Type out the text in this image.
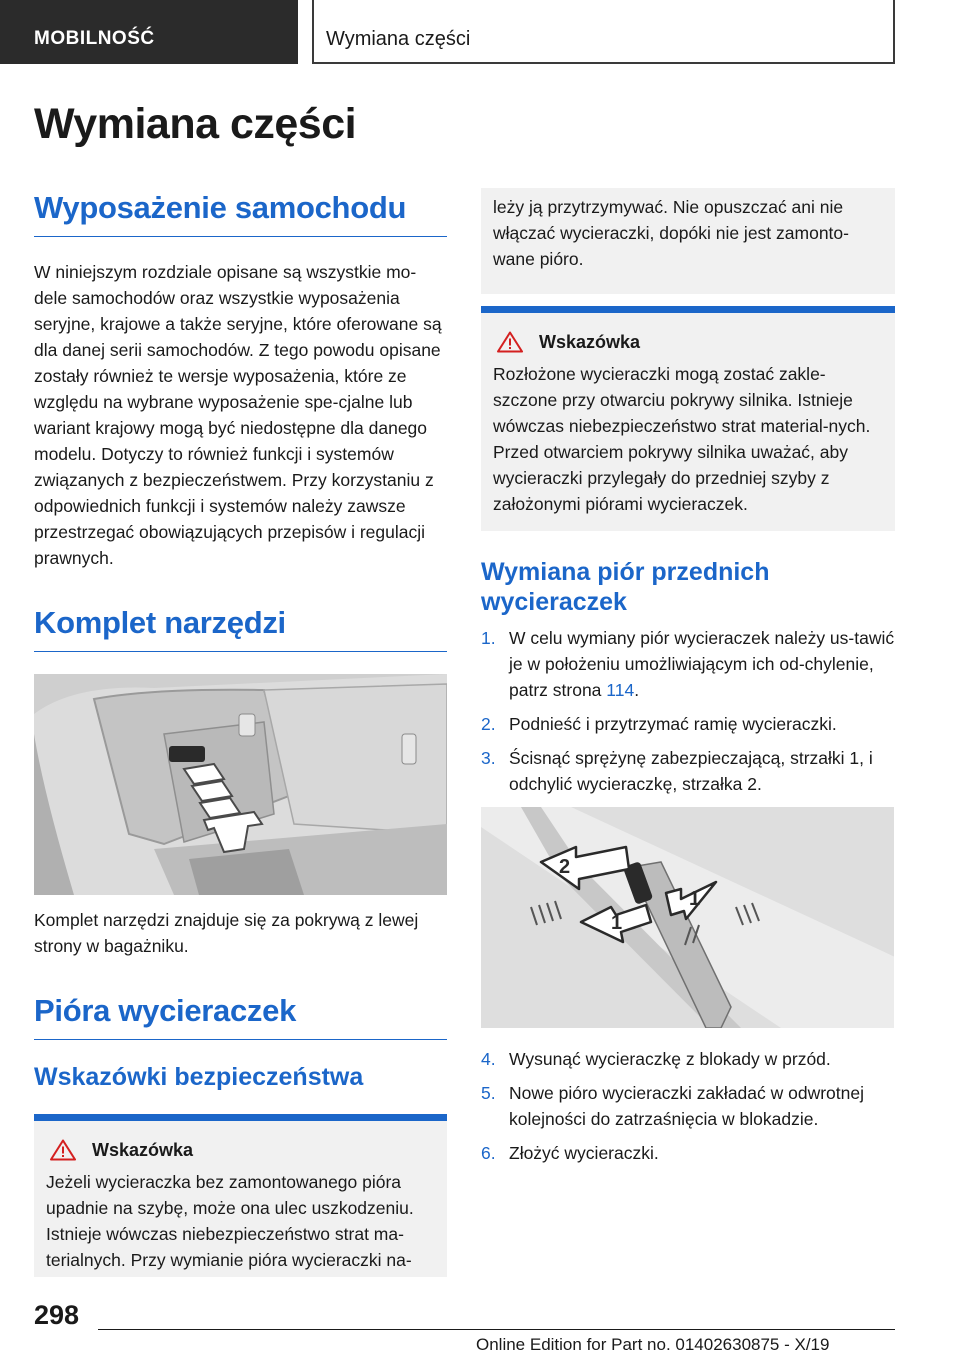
MOBILNOŚĆ	Wymiana części
Wymiana części
Wyposażenie samochodu

W niniejszym rozdziale opisane są wszystkie mo-dele samochodów oraz wszystkie wyposażenia seryjne, krajowe a także seryjne, które oferowane są dla danej serii samochodów. Z tego powodu opisane zostały również te wersje wyposażenia, które ze względu na wybrane wyposażenie spe-cjalne lub wariant krajowy mogą być niedostępne dla danego modelu. Dotyczy to również funkcji i systemów związanych z bezpieczeństwem. Przy korzystaniu z odpowiednich funkcji i systemów należy zawsze przestrzegać obowiązujących przepisów i regulacji prawnych.

Komplet narzędzi

Komplet narzędzi znajduje się za pokrywą z lewej strony w bagażniku.

Pióra wycieraczek
Wskazówki bezpieczeństwa
Wskazówka

Jeżeli wycieraczka bez zamontowanego pióra upadnie na szybę, może ona ulec uszkodzeniu. Istnieje wówczas niebezpieczeństwo strat ma-terialnych. Przy wymianie pióra wycieraczki na-

leży ją przytrzymywać. Nie opuszczać ani nie włączać wycieraczki, dopóki nie jest zamonto-wane pióro.

Wskazówka

Rozłożone wycieraczki mogą zostać zakle-szczone przy otwarciu pokrywy silnika. Istnieje wówczas niebezpieczeństwo strat material-nych. Przed otwarciem pokrywy silnika uważać, aby wycieraczki przylegały do przedniej szyby z założonymi piórami wycieraczek.

Wymiana piór przednich wycieraczek
1. W celu wymiany piór wycieraczek należy us-tawić je w położeniu umożliwiającym ich od-chylenie, patrz strona 114.
2. Podnieść i przytrzymać ramię wycieraczki.
3. Ścisnąć sprężynę zabezpieczającą, strzałki 1, i odchylić wycieraczkę, strzałka 2.
2
1
1
4. Wysunąć wycieraczkę z blokady w przód.
5. Nowe pióro wycieraczki zakładać w odwrotnej kolejności do zatrzaśnięcia w blokadzie.
6. Złożyć wycieraczki.
298
Online Edition for Part no. 01402630875 - X/19
